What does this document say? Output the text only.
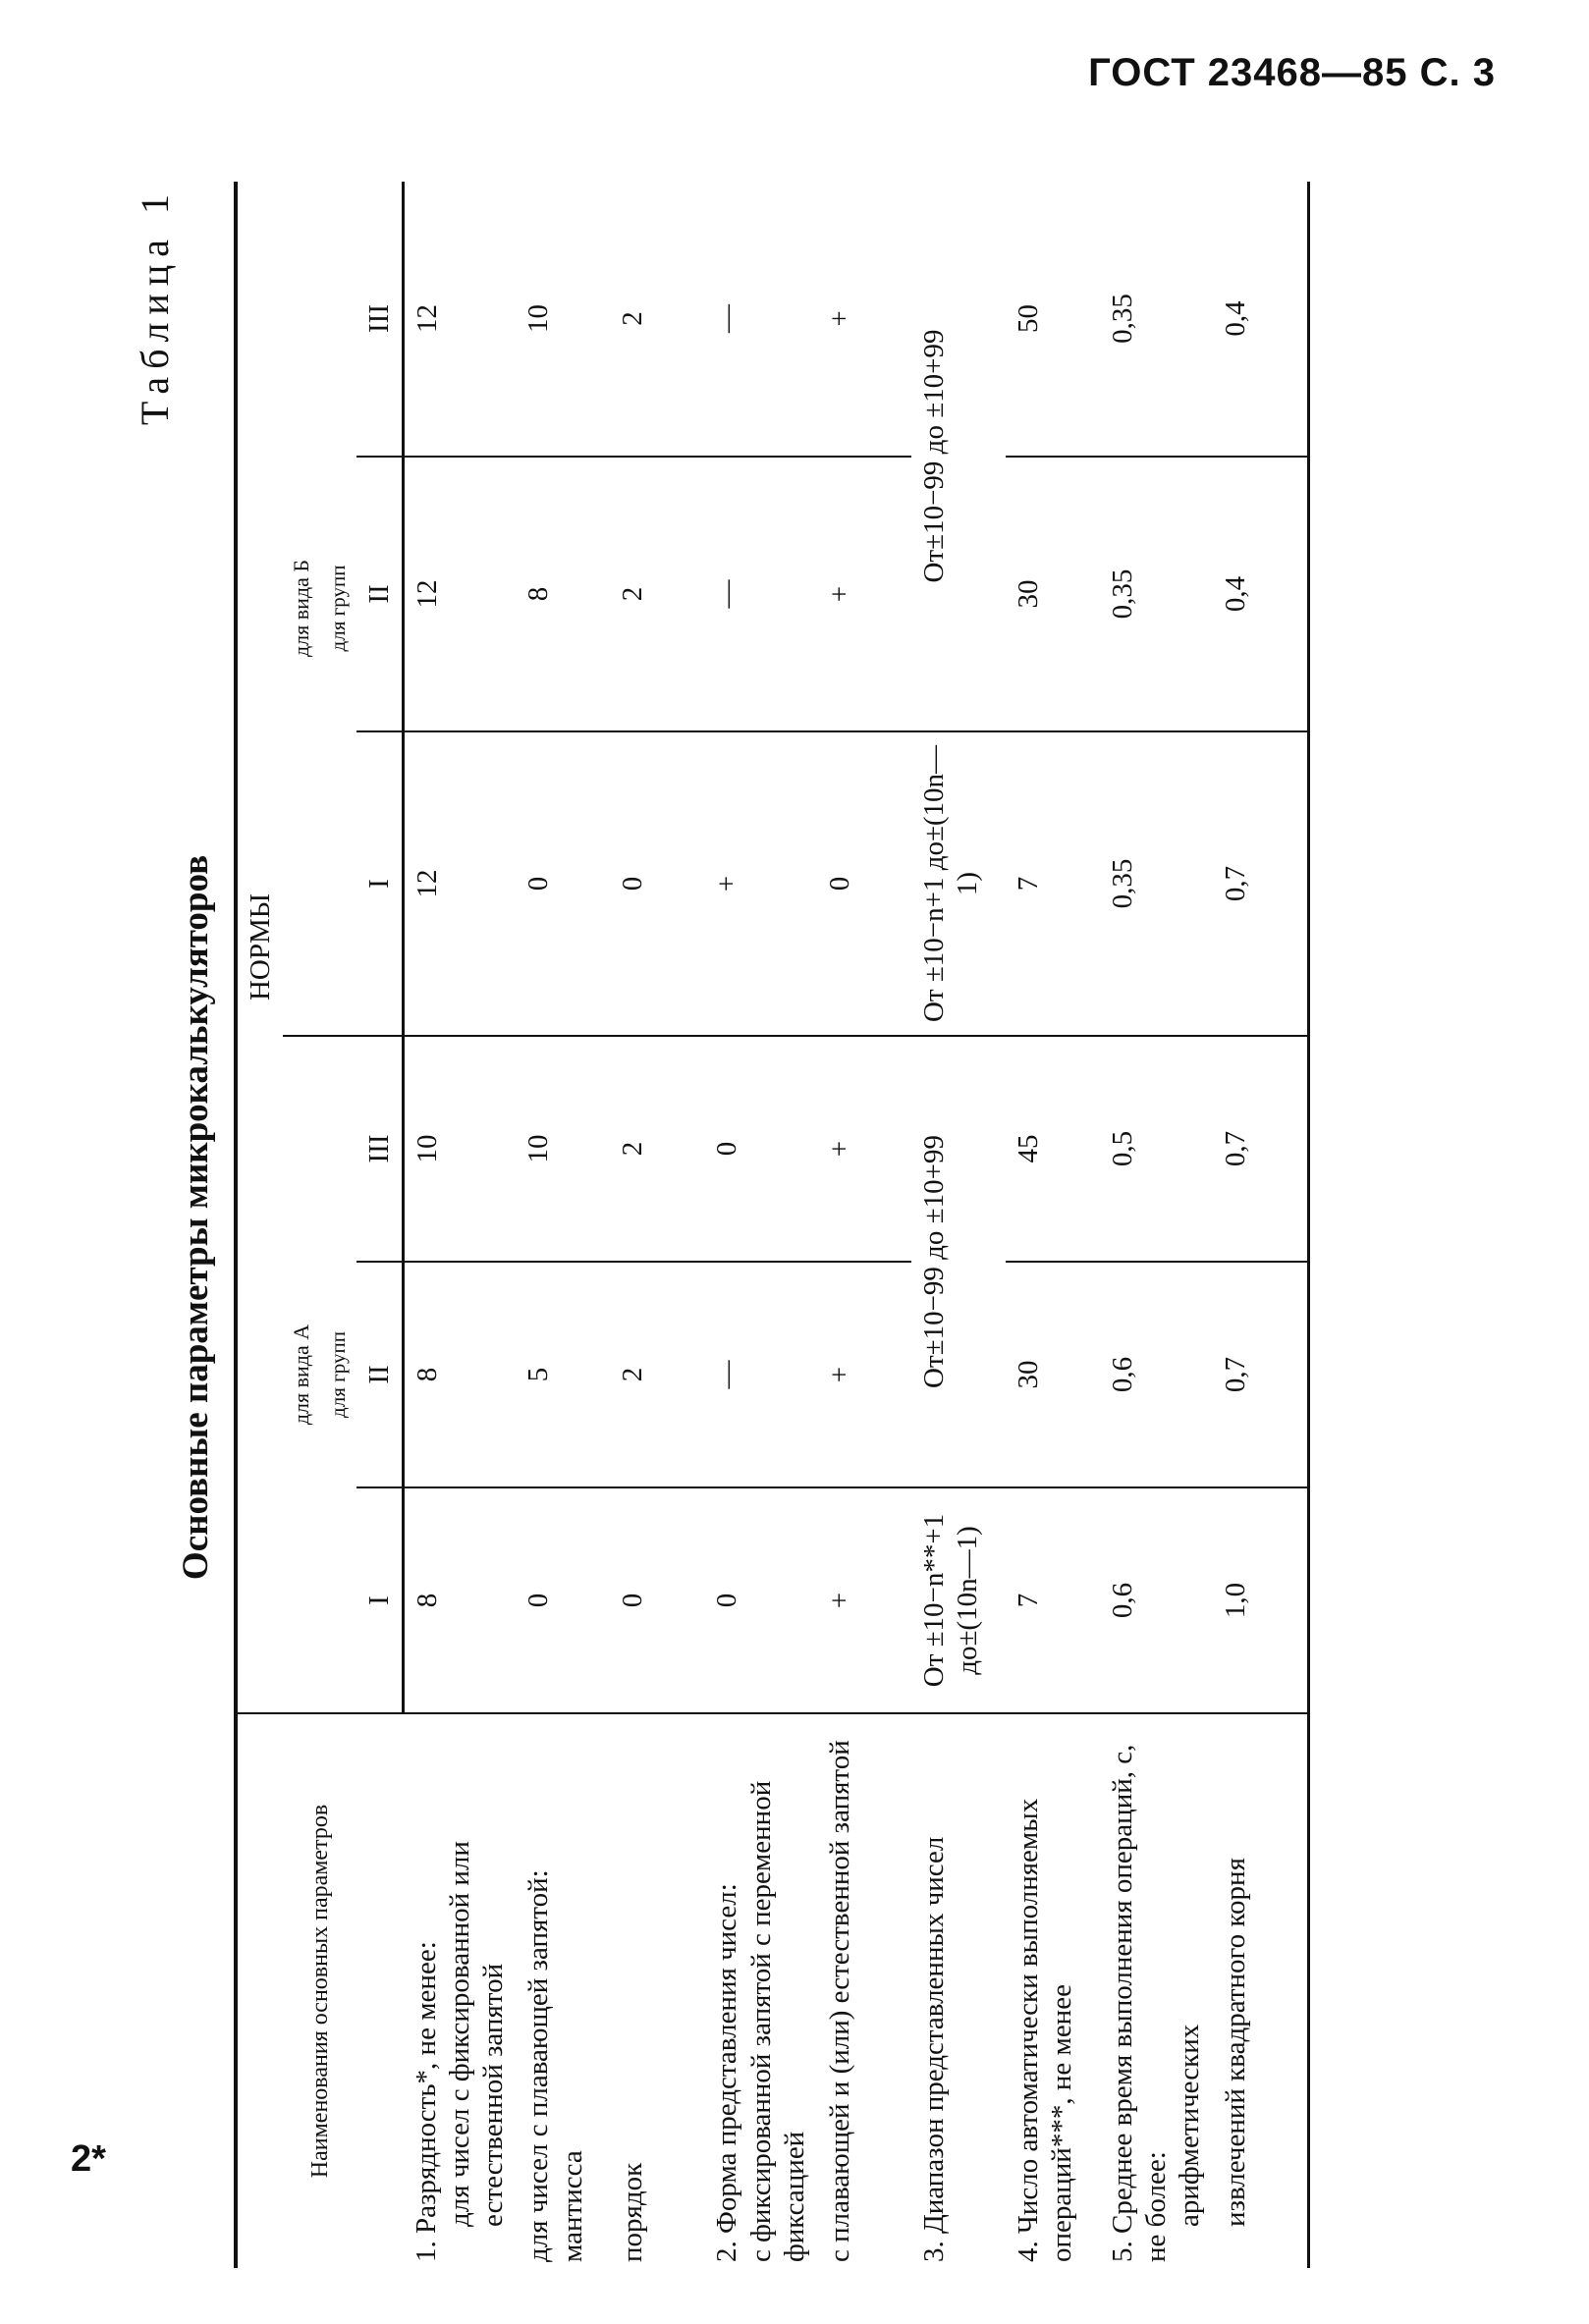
ГОСТ 23468—85 С. 3
2*
Таблица 1
Основные параметры микрокалькуляторов
Наименования основных параметров	НОРМЫ					
	для вида А			для вида Б		
	для групп			для групп		
	I	II	III	I	II	III

1. Разрядность*, не менее: для чисел с фиксированной или естественной запятой	8	8	10	12	12	12

для чисел с плавающей запятой: мантисса	0	5	10	0	8	10

порядок	0	2	2	0	2	2

2. Форма представления чисел: с фиксированной запятой с переменной фиксацией	0	—	0	+	—	—

с плавающей и (или) естественной запятой	+	+	+	0	+	+

3. Диапазон представленных чисел	От ±10−n**+1 до±(10n—1)	От±10−99 до ±10+99		От ±10−n+1 до±(10n—1)	От±10−99 до ±10+99	

4. Число автоматически выполняемых операций***, не менее	7	30	45	7	30	50

5. Среднее время выполнения операций, с, не более: арифметических	0,6	0,6	0,5	0,35	0,35	0,35

извлечений квадратного корня	1,0	0,7	0,7	0,7	0,4	0,4
